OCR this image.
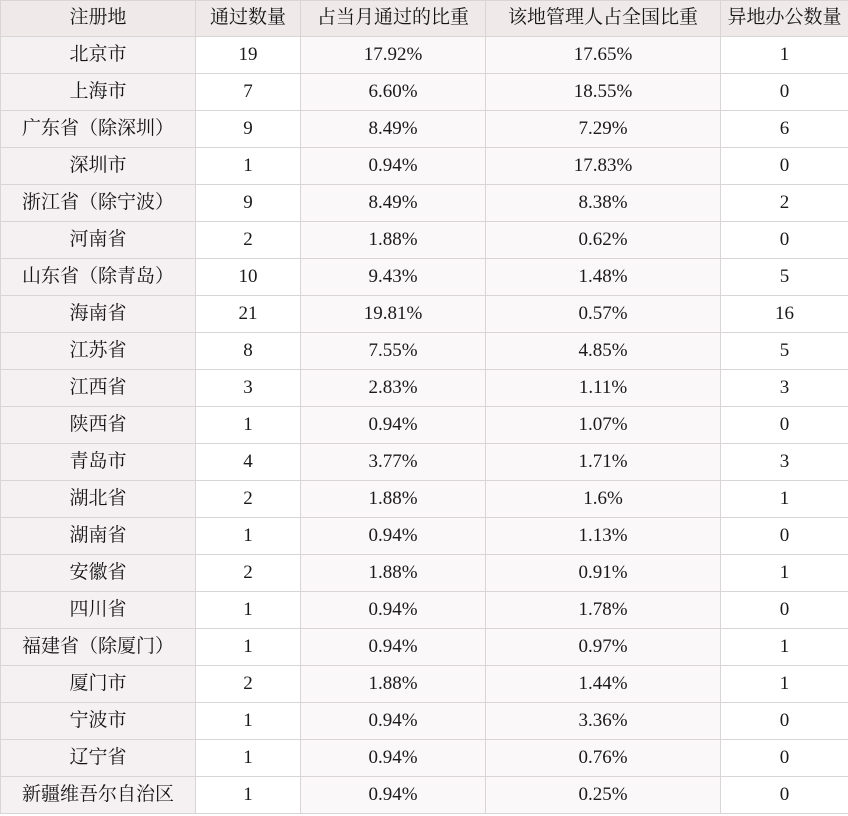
注册地	通过数量	占当月通过的比重	该地管理人占全国比重	异地办公数量
北京市	19	17.92%	17.65%	1
上海市	7	6.60%	18.55%	0
广东省（除深圳）	9	8.49%	7.29%	6
深圳市	1	0.94%	17.83%	0
浙江省（除宁波）	9	8.49%	8.38%	2
河南省	2	1.88%	0.62%	0
山东省（除青岛）	10	9.43%	1.48%	5
海南省	21	19.81%	0.57%	16
江苏省	8	7.55%	4.85%	5
江西省	3	2.83%	1.11%	3
陕西省	1	0.94%	1.07%	0
青岛市	4	3.77%	1.71%	3
湖北省	2	1.88%	1.6%	1
湖南省	1	0.94%	1.13%	0
安徽省	2	1.88%	0.91%	1
四川省	1	0.94%	1.78%	0
福建省（除厦门）	1	0.94%	0.97%	1
厦门市	2	1.88%	1.44%	1
宁波市	1	0.94%	3.36%	0
辽宁省	1	0.94%	0.76%	0
新疆维吾尔自治区	1	0.94%	0.25%	0
